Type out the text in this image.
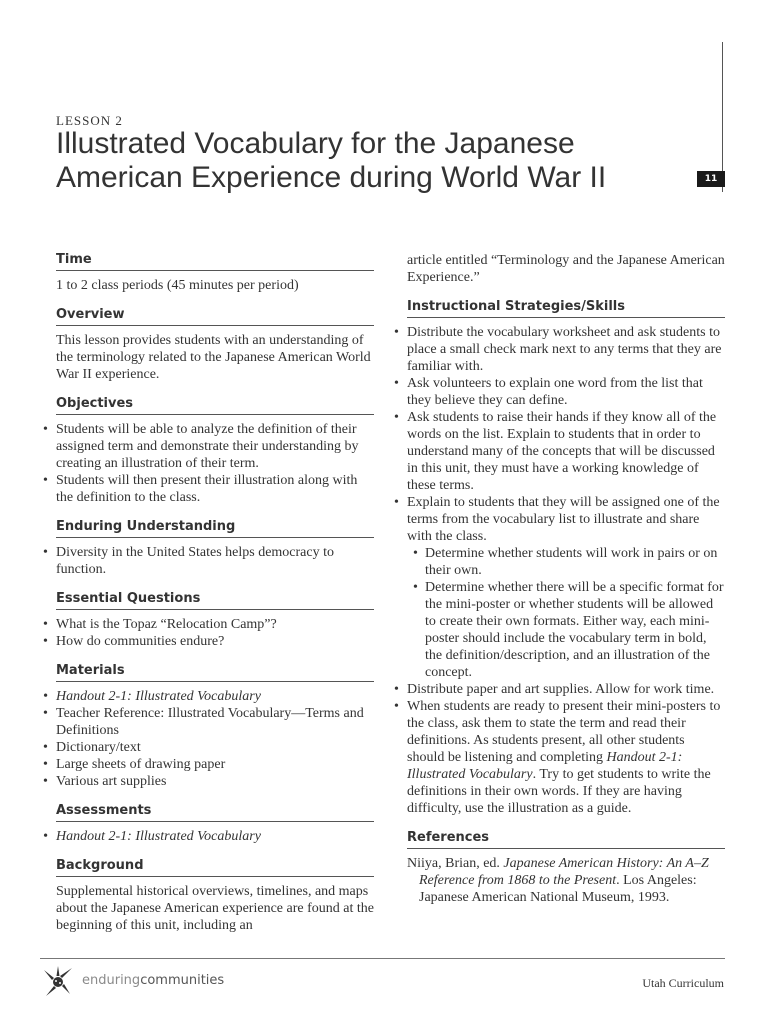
11
LESSON 2
Illustrated Vocabulary for the Japanese
American Experience during World War II
Time

1 to 2 class periods (45 minutes per period)

Overview

This lesson provides students with an understanding of the terminology related to the Japanese American World War II experience.

Objectives
• Students will be able to analyze the definition of their assigned term and demonstrate their understanding by creating an illustration of their term.
• Students will then present their illustration along with the definition to the class.
Enduring Understanding
• Diversity in the United States helps democracy to function.
Essential Questions
• What is the Topaz “Relocation Camp”?
• How do communities endure?
Materials
• Handout 2-1: Illustrated Vocabulary
• Teacher Reference: Illustrated Vocabulary—Terms and Definitions
• Dictionary/text
• Large sheets of drawing paper
• Various art supplies
Assessments
• Handout 2-1: Illustrated Vocabulary
Background

Supplemental historical overviews, timelines, and maps about the Japanese American experience are found at the beginning of this unit, including an

article entitled “Terminology and the Japanese American Experience.”

Instructional Strategies/Skills
• Distribute the vocabulary worksheet and ask students to place a small check mark next to any terms that they are familiar with.
• Ask volunteers to explain one word from the list that they believe they can define.
• Ask students to raise their hands if they know all of the words on the list. Explain to students that in order to understand many of the concepts that will be discussed in this unit, they must have a working knowledge of these terms.
• Explain to students that they will be assigned one of the terms from the vocabulary list to illustrate and share with the class.
• Determine whether students will work in pairs or on their own.
• Determine whether there will be a specific format for the mini-poster or whether students will be allowed to create their own formats. Either way, each mini-poster should include the vocabulary term in bold, the definition/description, and an illustration of the concept.
• Distribute paper and art supplies. Allow for work time.
• When students are ready to present their mini-posters to the class, ask them to state the term and read their definitions. As students present, all other students should be listening and completing Handout 2-1: Illustrated Vocabulary. Try to get students to write the definitions in their own words. If they are having difficulty, use the illustration as a guide.
References

Niiya, Brian, ed. Japanese American History: An A–Z Reference from 1868 to the Present. Los Angeles: Japanese American National Museum, 1993.

enduringcommunities	Utah Curriculum
